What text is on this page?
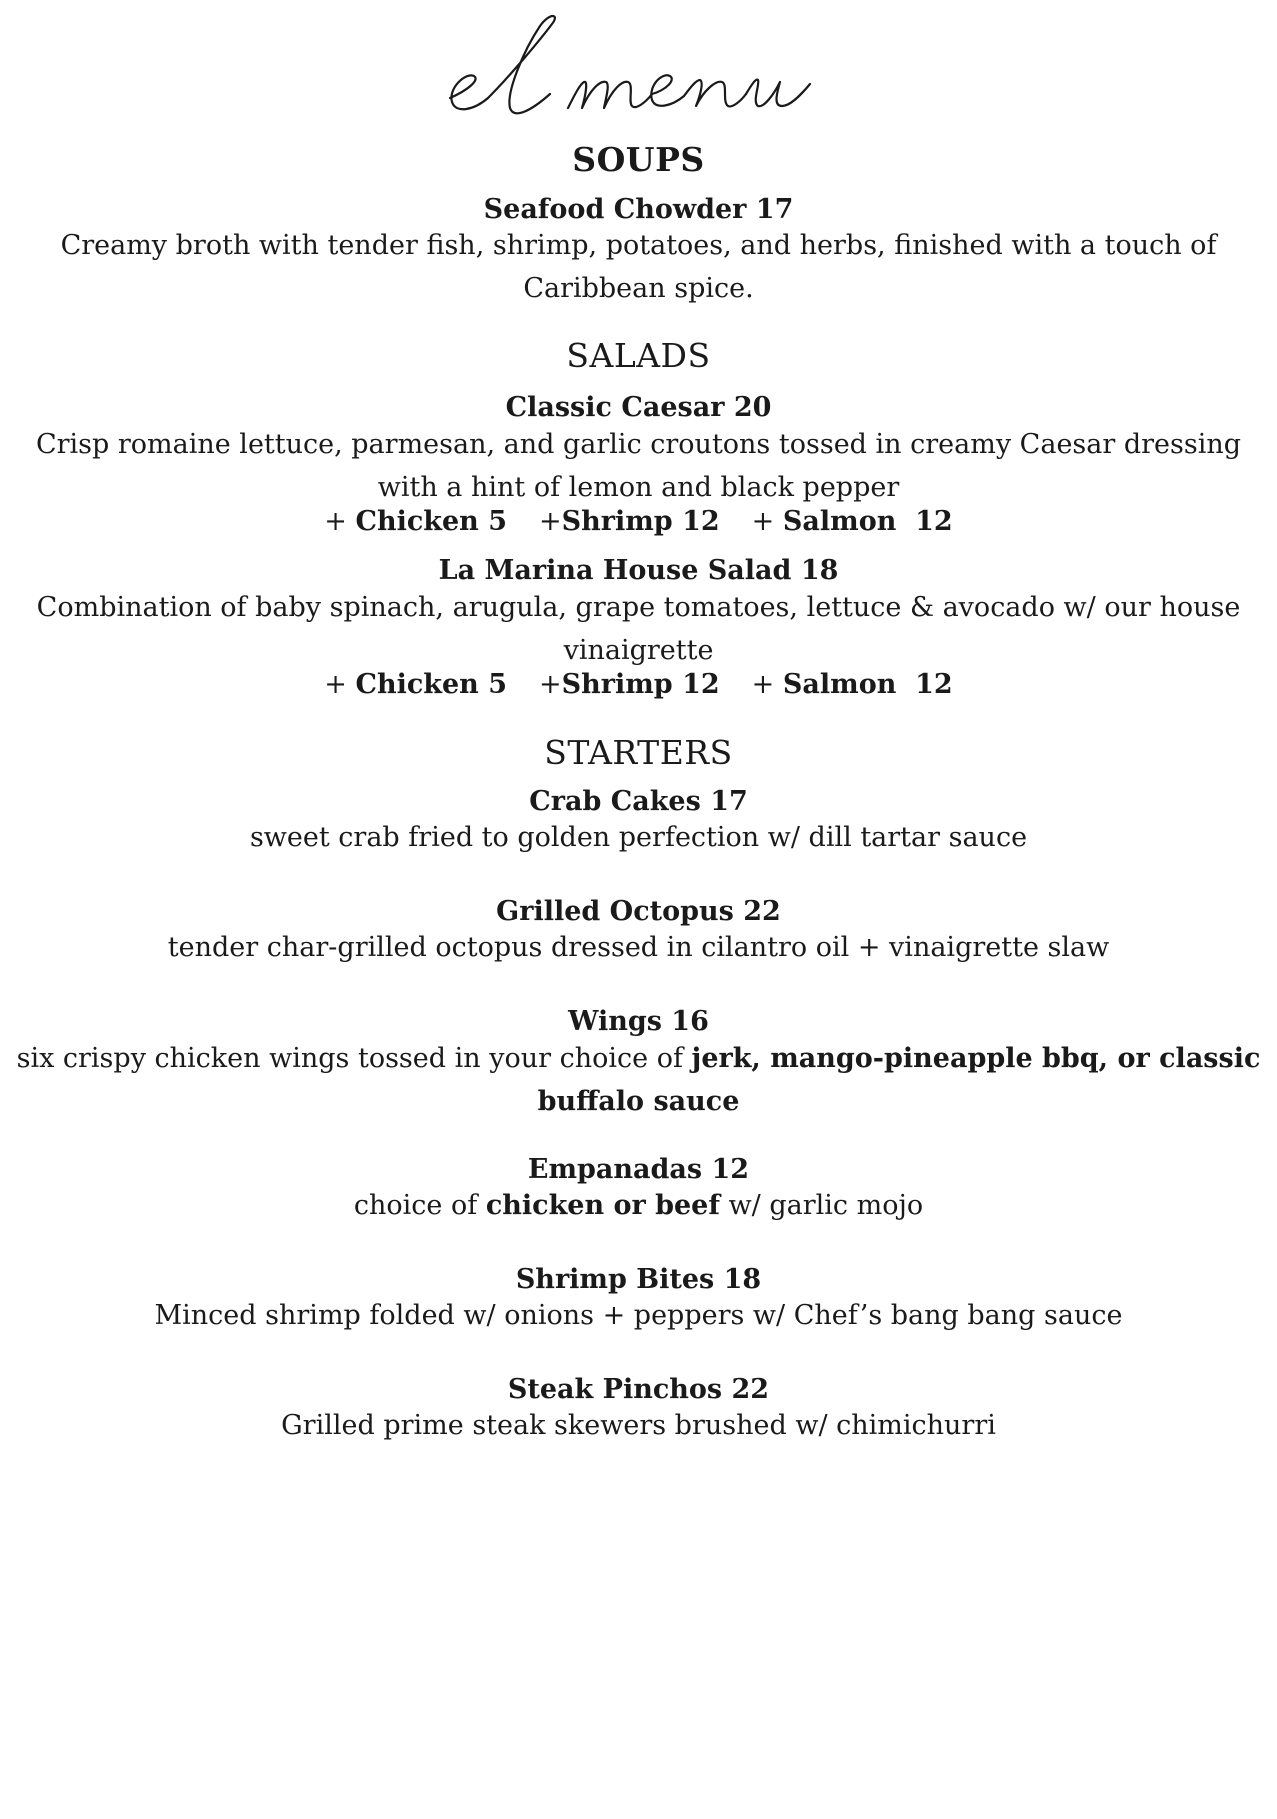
SOUPS
Seafood Chowder 17
Creamy broth with tender fish, shrimp, potatoes, and herbs, finished with a touch of
Caribbean spice.
SALADS
Classic Caesar 20
Crisp romaine lettuce, parmesan, and garlic croutons tossed in creamy Caesar dressing
with a hint of lemon and black pepper
+ Chicken 5 +Shrimp 12 + Salmon  12
La Marina House Salad 18
Combination of baby spinach, arugula, grape tomatoes, lettuce & avocado w/ our house
vinaigrette
+ Chicken 5 +Shrimp 12 + Salmon  12
STARTERS
Crab Cakes 17
sweet crab fried to golden perfection w/ dill tartar sauce
Grilled Octopus 22
tender char-grilled octopus dressed in cilantro oil + vinaigrette slaw
Wings 16
six crispy chicken wings tossed in your choice of jerk, mango-pineapple bbq, or classic
buffalo sauce
Empanadas 12
choice of chicken or beef w/ garlic mojo
Shrimp Bites 18
Minced shrimp folded w/ onions + peppers w/ Chef’s bang bang sauce
Steak Pinchos 22
Grilled prime steak skewers brushed w/ chimichurri
